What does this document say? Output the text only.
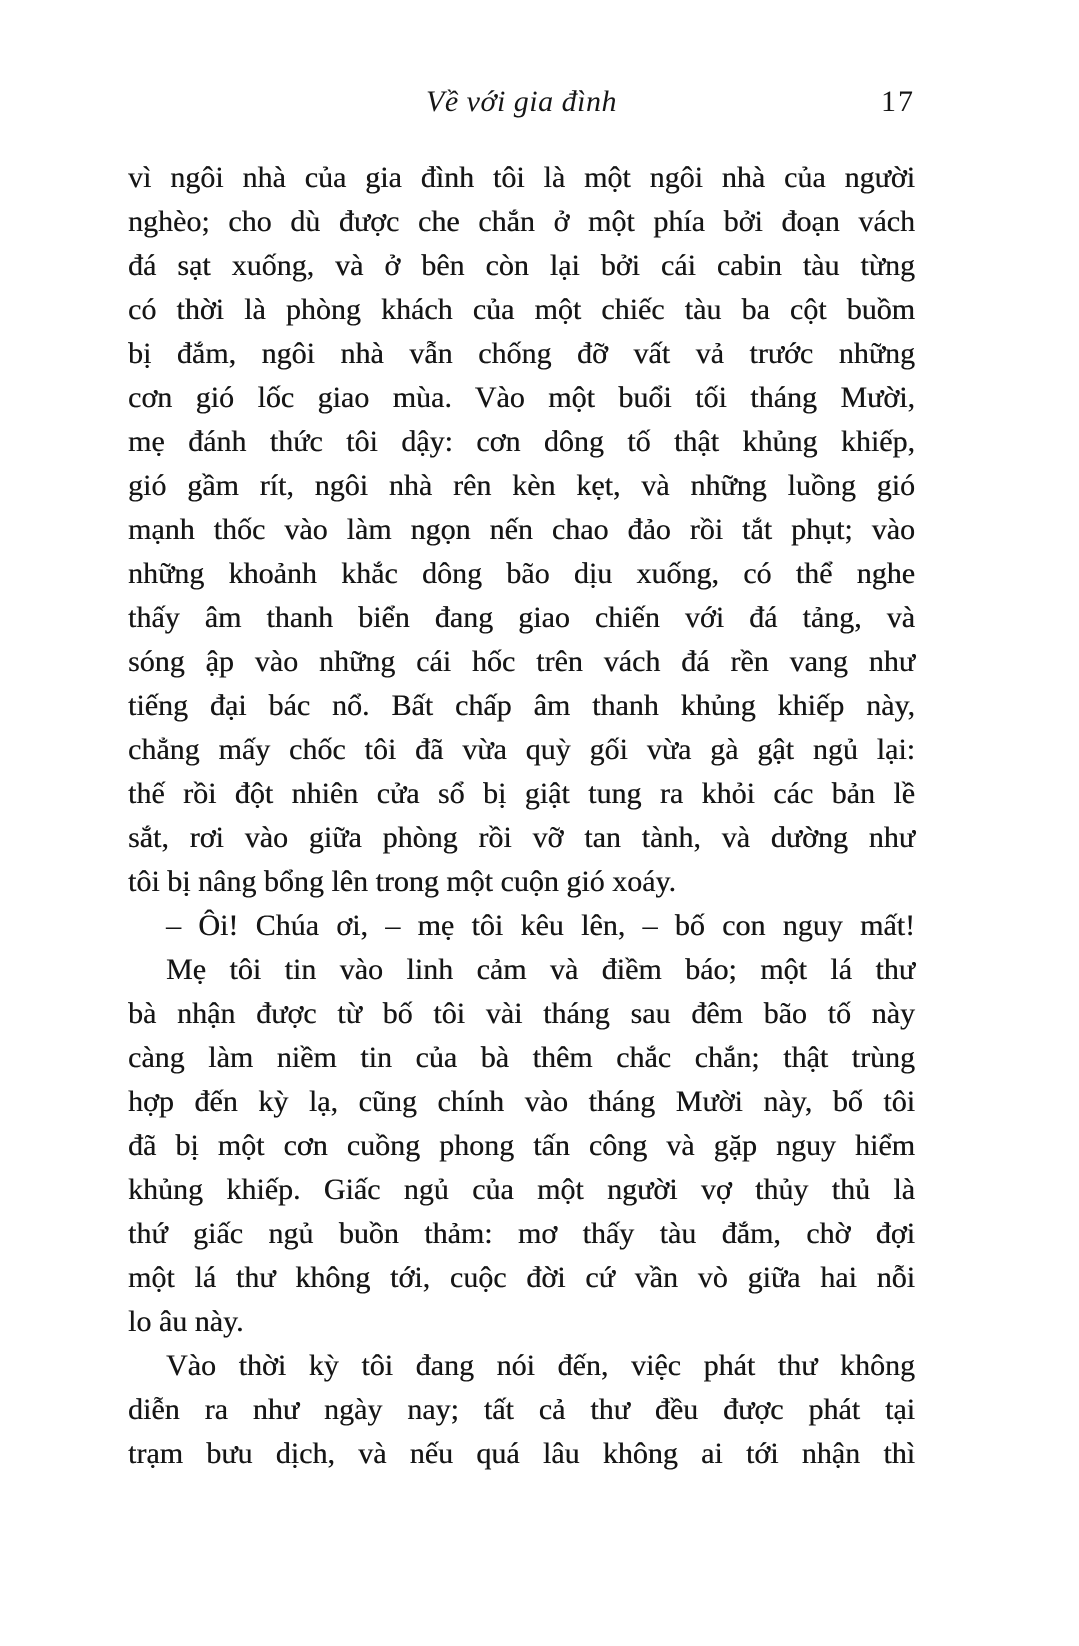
Về với gia đình	17
vì ngôi nhà của gia đình tôi là một ngôi nhà của người
nghèo; cho dù được che chắn ở một phía bởi đoạn vách
đá sạt xuống, và ở bên còn lại bởi cái cabin tàu từng
có thời là phòng khách của một chiếc tàu ba cột buồm
bị đắm, ngôi nhà vẫn chống đỡ vất vả trước những
cơn gió lốc giao mùa. Vào một buổi tối tháng Mười,
mẹ đánh thức tôi dậy: cơn dông tố thật khủng khiếp,
gió gầm rít, ngôi nhà rên kèn kẹt, và những luồng gió
mạnh thốc vào làm ngọn nến chao đảo rồi tắt phụt; vào
những khoảnh khắc dông bão dịu xuống, có thể nghe
thấy âm thanh biển đang giao chiến với đá tảng, và
sóng ập vào những cái hốc trên vách đá rền vang như
tiếng đại bác nổ. Bất chấp âm thanh khủng khiếp này,
chẳng mấy chốc tôi đã vừa quỳ gối vừa gà gật ngủ lại:
thế rồi đột nhiên cửa sổ bị giật tung ra khỏi các bản lề
sắt, rơi vào giữa phòng rồi vỡ tan tành, và dường như
tôi bị nâng bổng lên trong một cuộn gió xoáy.
– Ôi! Chúa ơi, – mẹ tôi kêu lên, – bố con nguy mất!
Mẹ tôi tin vào linh cảm và điềm báo; một lá thư
bà nhận được từ bố tôi vài tháng sau đêm bão tố này
càng làm niềm tin của bà thêm chắc chắn; thật trùng
hợp đến kỳ lạ, cũng chính vào tháng Mười này, bố tôi
đã bị một cơn cuồng phong tấn công và gặp nguy hiểm
khủng khiếp. Giấc ngủ của một người vợ thủy thủ là
thứ giấc ngủ buồn thảm: mơ thấy tàu đắm, chờ đợi
một lá thư không tới, cuộc đời cứ vần vò giữa hai nỗi
lo âu này.
Vào thời kỳ tôi đang nói đến, việc phát thư không
diễn ra như ngày nay; tất cả thư đều được phát tại
trạm bưu dịch, và nếu quá lâu không ai tới nhận thì
